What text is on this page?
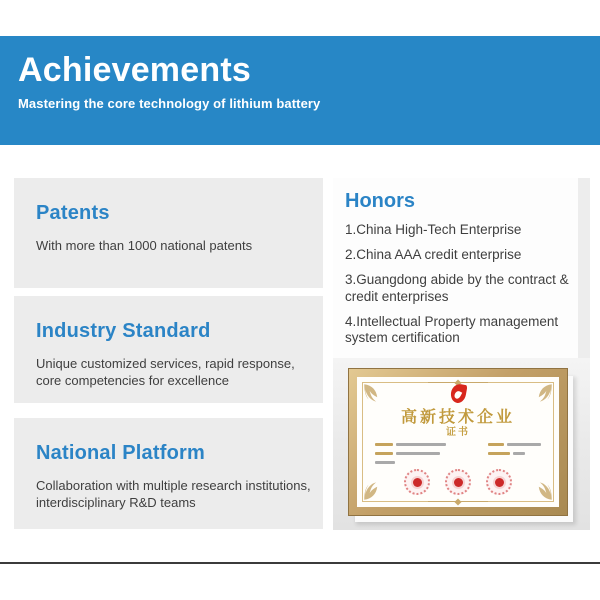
Achievements

Mastering the core technology of lithium battery

Patents

With more than 1000 national patents

Industry Standard

Unique customized services, rapid response, core competencies for excellence

National Platform

Collaboration with multiple research institutions, interdisciplinary R&D teams

Honors
1.China High-Tech Enterprise
2.China AAA credit enterprise
3.Guangdong abide by the contract & credit enterprises
4.Intellectual Property management system certification
高新技术企业
证书
